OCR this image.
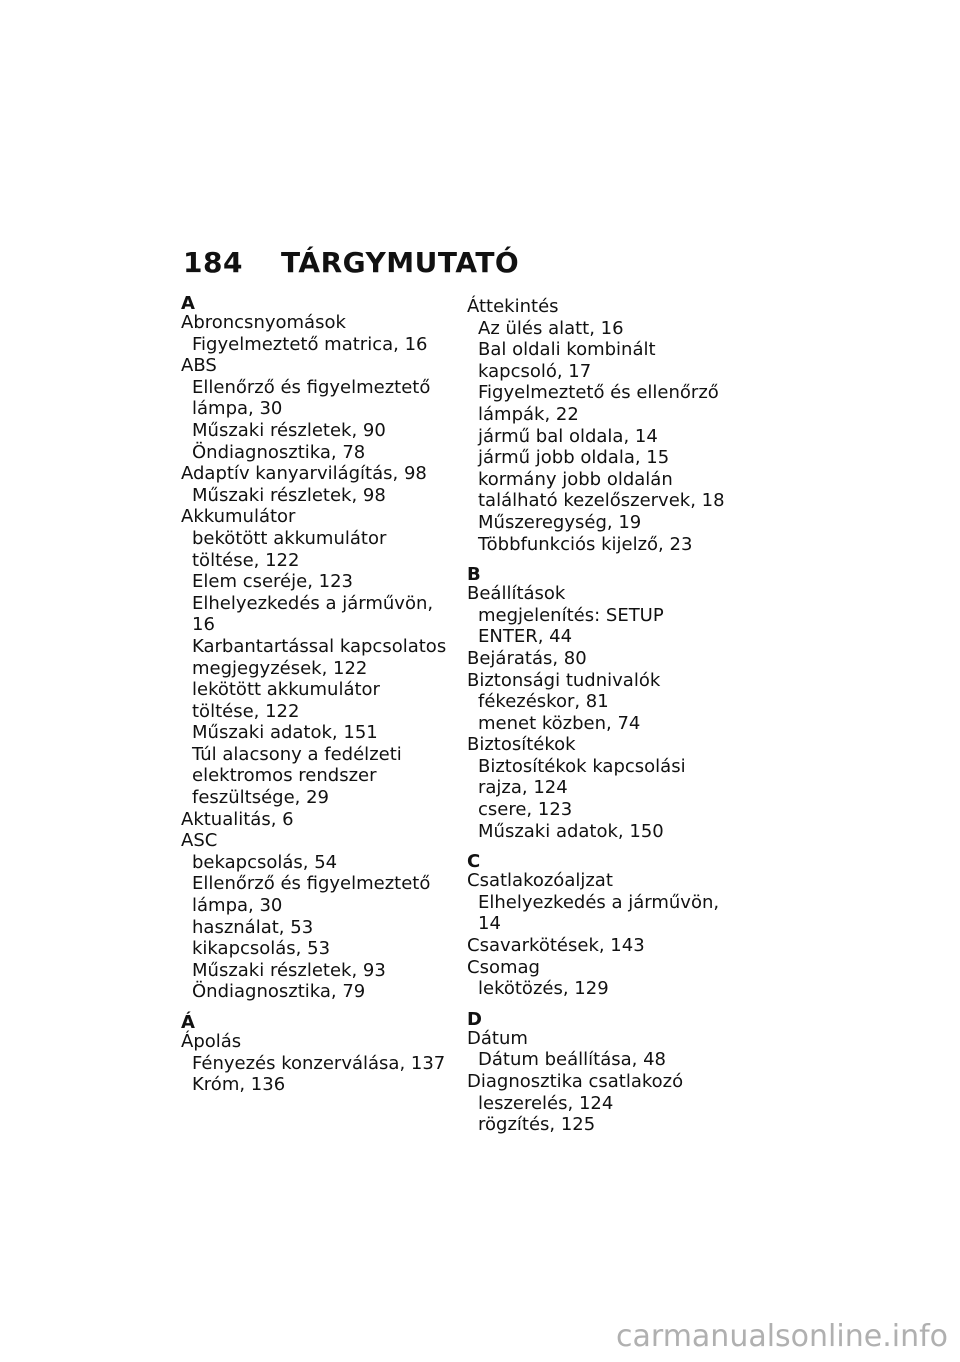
184 TÁRGYMUTATÓ
A
Abroncsnyomások
Figyelmeztető matrica, 16
ABS
Ellenőrző és figyelmeztető
lámpa, 30
Műszaki részletek, 90
Öndiagnosztika, 78
Adaptív kanyarvilágítás, 98
Műszaki részletek, 98
Akkumulátor
bekötött akkumulátor
töltése, 122
Elem cseréje, 123
Elhelyezkedés a járművön, 16
Karbantartással kapcsolatos
megjegyzések, 122
lekötött akkumulátor
töltése, 122
Műszaki adatok, 151
Túl alacsony a fedélzeti
elektromos rendszer
feszültsége, 29
Aktualitás, 6
ASC
bekapcsolás, 54
Ellenőrző és figyelmeztető
lámpa, 30
használat, 53
kikapcsolás, 53
Műszaki részletek, 93
Öndiagnosztika, 79
Á
Ápolás
Fényezés konzerválása, 137
Króm, 136
Áttekintés
Az ülés alatt, 16
Bal oldali kombinált
kapcsoló, 17
Figyelmeztető és ellenőrző
lámpák, 22
jármű bal oldala, 14
jármű jobb oldala, 15
kormány jobb oldalán
található kezelőszervek, 18
Műszeregység, 19
Többfunkciós kijelző, 23
B
Beállítások
megjelenítés: SETUP
ENTER, 44
Bejáratás, 80
Biztonsági tudnivalók
fékezéskor, 81
menet közben, 74
Biztosítékok
Biztosítékok kapcsolási
rajza, 124
csere, 123
Műszaki adatok, 150
C
Csatlakozóaljzat
Elhelyezkedés a járművön, 14
Csavarkötések, 143
Csomag
lekötözés, 129
D
Dátum
Dátum beállítása, 48
Diagnosztika csatlakozó
leszerelés, 124
rögzítés, 125
carmanualsonline.info
